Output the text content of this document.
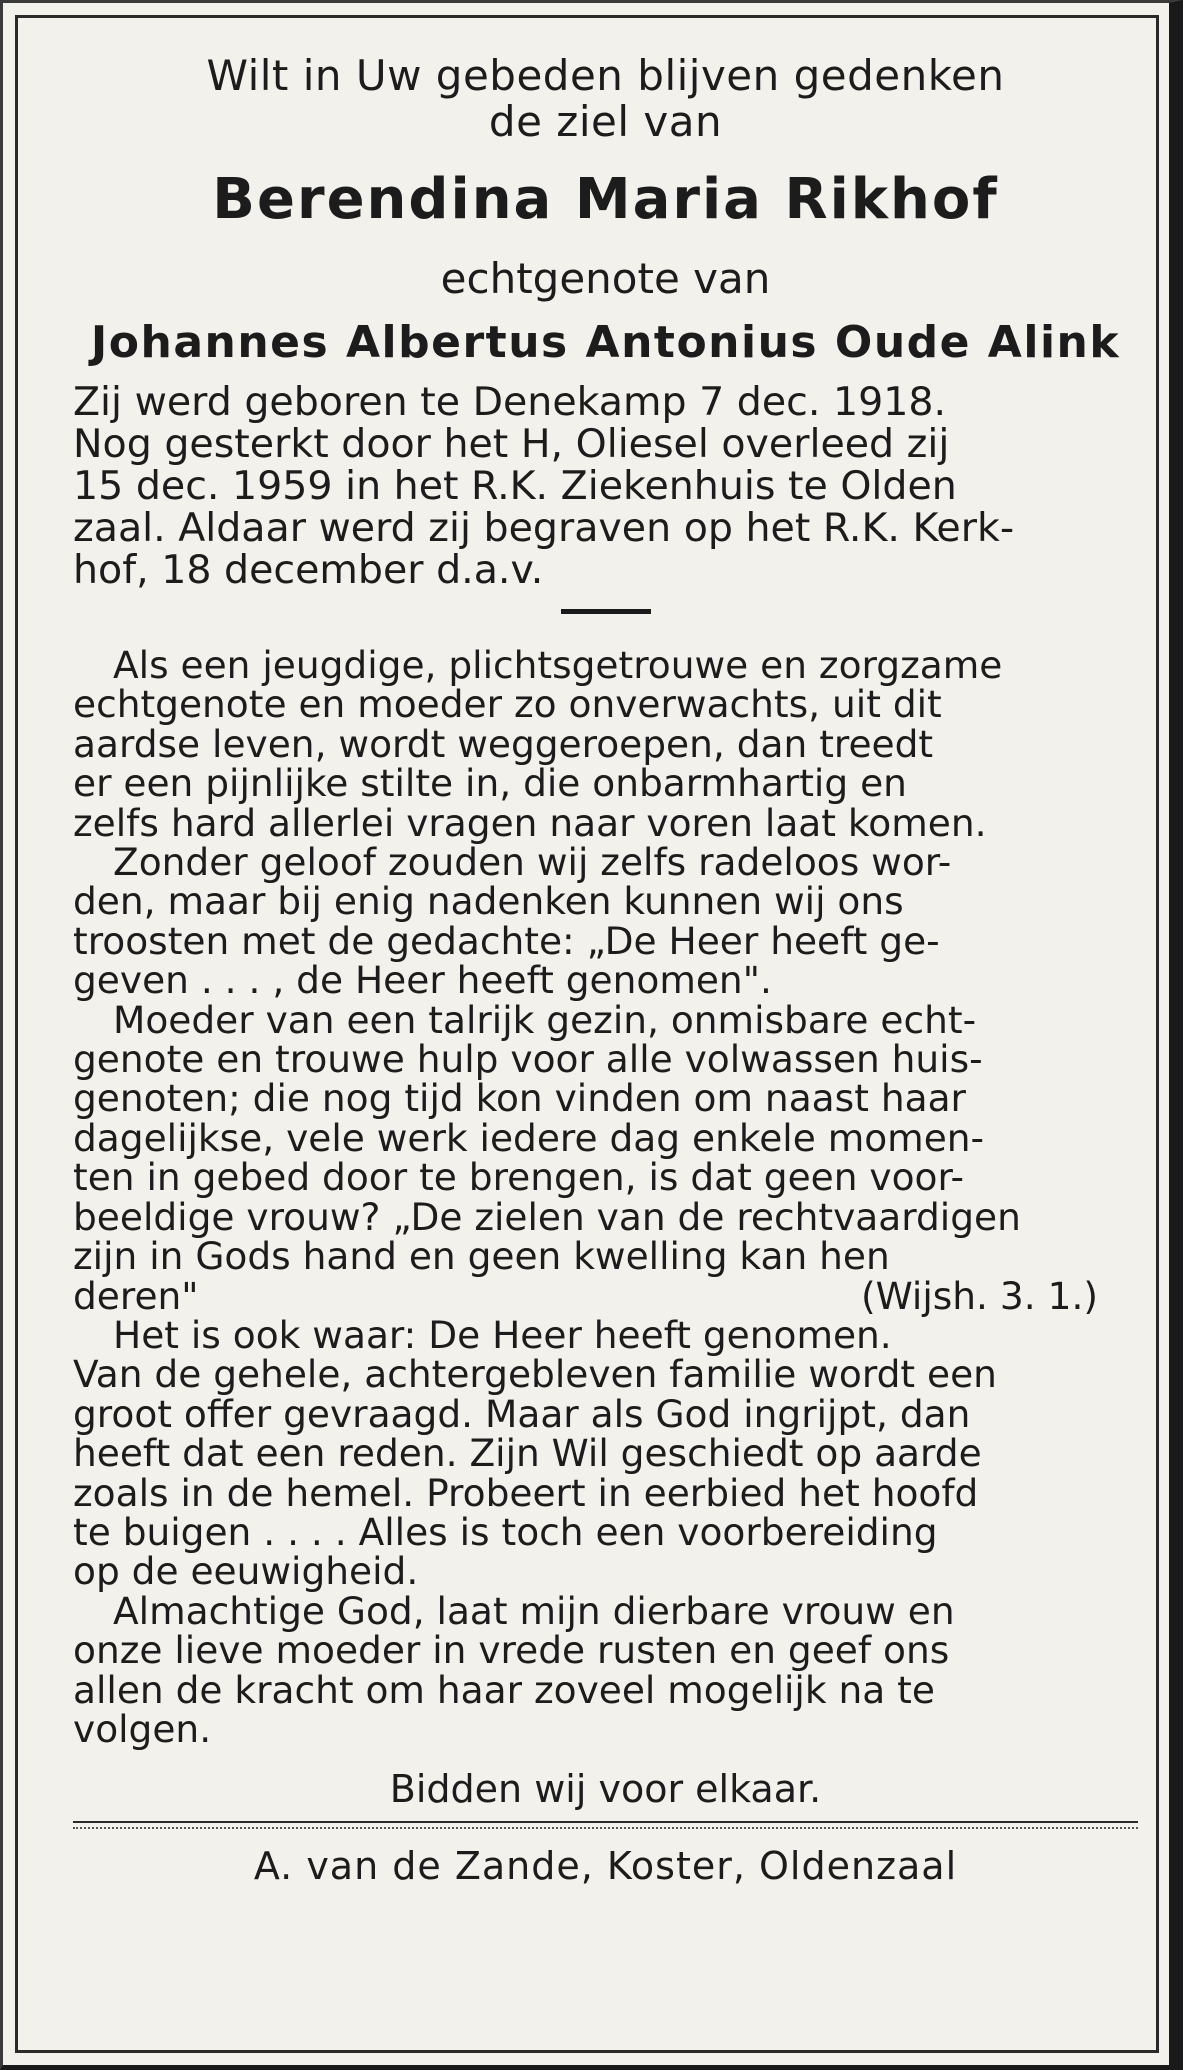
Wilt in Uw gebeden blijven gedenken
de ziel van
Berendina Maria Rikhof
echtgenote van
Johannes Albertus Antonius Oude Alink
Zij werd geboren te Denekamp 7 dec. 1918.
Nog gesterkt door het H, Oliesel overleed zij
15 dec. 1959 in het R.K. Ziekenhuis te Olden
zaal. Aldaar werd zij begraven op het R.K. Kerk-
hof, 18 december d.a.v.
Als een jeugdige, plichtsgetrouwe en zorgzame
echtgenote en moeder zo onverwachts, uit dit
aardse leven, wordt weggeroepen, dan treedt
er een pijnlijke stilte in, die onbarmhartig en
zelfs hard allerlei vragen naar voren laat komen.
Zonder geloof zouden wij zelfs radeloos wor-
den, maar bij enig nadenken kunnen wij ons
troosten met de gedachte: „De Heer heeft ge-
geven . . . , de Heer heeft genomen".
Moeder van een talrijk gezin, onmisbare echt-
genote en trouwe hulp voor alle volwassen huis-
genoten; die nog tijd kon vinden om naast haar
dagelijkse, vele werk iedere dag enkele momen-
ten in gebed door te brengen, is dat geen voor-
beeldige vrouw? „De zielen van de rechtvaardigen
zijn in Gods hand en geen kwelling kan hen
deren"	(Wijsh. 3. 1.)
Het is ook waar: De Heer heeft genomen.
Van de gehele, achtergebleven familie wordt een
groot offer gevraagd. Maar als God ingrijpt, dan
heeft dat een reden. Zijn Wil geschiedt op aarde
zoals in de hemel. Probeert in eerbied het hoofd
te buigen . . . . Alles is toch een voorbereiding
op de eeuwigheid.
Almachtige God, laat mijn dierbare vrouw en
onze lieve moeder in vrede rusten en geef ons
allen de kracht om haar zoveel mogelijk na te
volgen.
Bidden wij voor elkaar.
A. van de Zande, Koster, Oldenzaal
